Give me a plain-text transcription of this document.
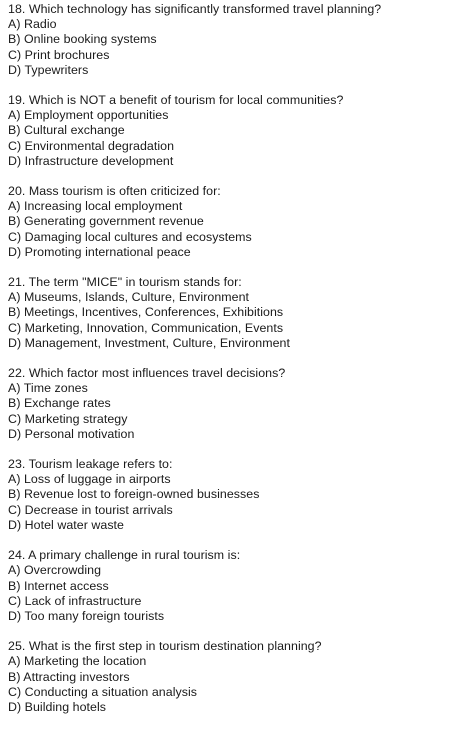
18. Which technology has significantly transformed travel planning?
A) Radio
B) Online booking systems
C) Print brochures
D) Typewriters
19. Which is NOT a benefit of tourism for local communities?
A) Employment opportunities
B) Cultural exchange
C) Environmental degradation
D) Infrastructure development
20. Mass tourism is often criticized for:
A) Increasing local employment
B) Generating government revenue
C) Damaging local cultures and ecosystems
D) Promoting international peace
21. The term "MICE" in tourism stands for:
A) Museums, Islands, Culture, Environment
B) Meetings, Incentives, Conferences, Exhibitions
C) Marketing, Innovation, Communication, Events
D) Management, Investment, Culture, Environment
22. Which factor most influences travel decisions?
A) Time zones
B) Exchange rates
C) Marketing strategy
D) Personal motivation
23. Tourism leakage refers to:
A) Loss of luggage in airports
B) Revenue lost to foreign-owned businesses
C) Decrease in tourist arrivals
D) Hotel water waste
24. A primary challenge in rural tourism is:
A) Overcrowding
B) Internet access
C) Lack of infrastructure
D) Too many foreign tourists
25. What is the first step in tourism destination planning?
A) Marketing the location
B) Attracting investors
C) Conducting a situation analysis
D) Building hotels
